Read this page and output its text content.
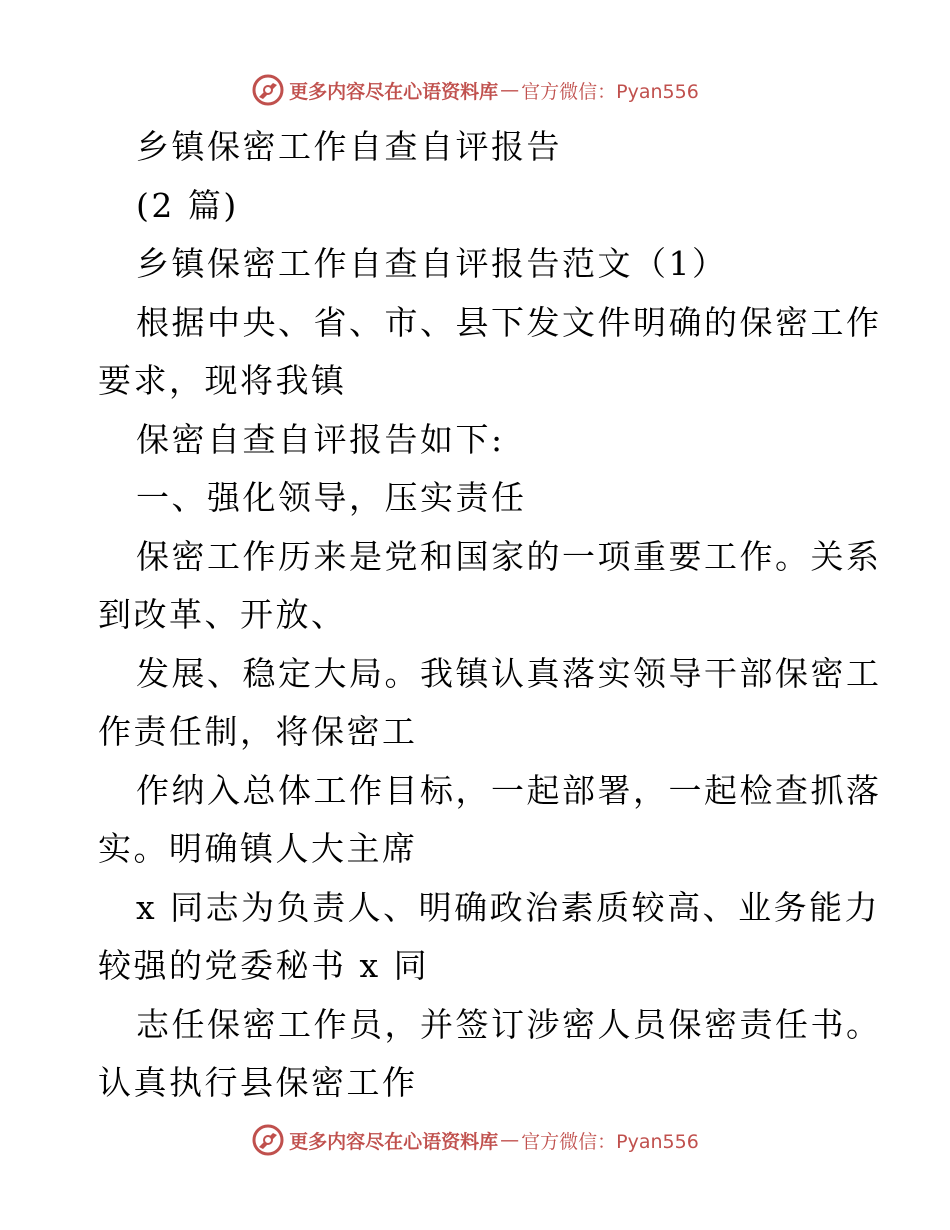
更多内容尽在心语资料库 — 官方微信：Pyan556
乡镇保密工作自查自评报告
(2 篇)
乡镇保密工作自查自评报告范文（1）
根据中央、省、市、县下发文件明确的保密工作
要求，现将我镇
保密自查自评报告如下:
一、强化领导，压实责任
保密工作历来是党和国家的一项重要工作。关系
到改革、开放、
发展、稳定大局。我镇认真落实领导干部保密工
作责任制，将保密工
作纳入总体工作目标，一起部署，一起检查抓落
实。明确镇人大主席
x 同志为负责人、明确政治素质较高、业务能力
较强的党委秘书 x 同
志任保密工作员，并签订涉密人员保密责任书。
认真执行县保密工作
更多内容尽在心语资料库 — 官方微信：Pyan556
